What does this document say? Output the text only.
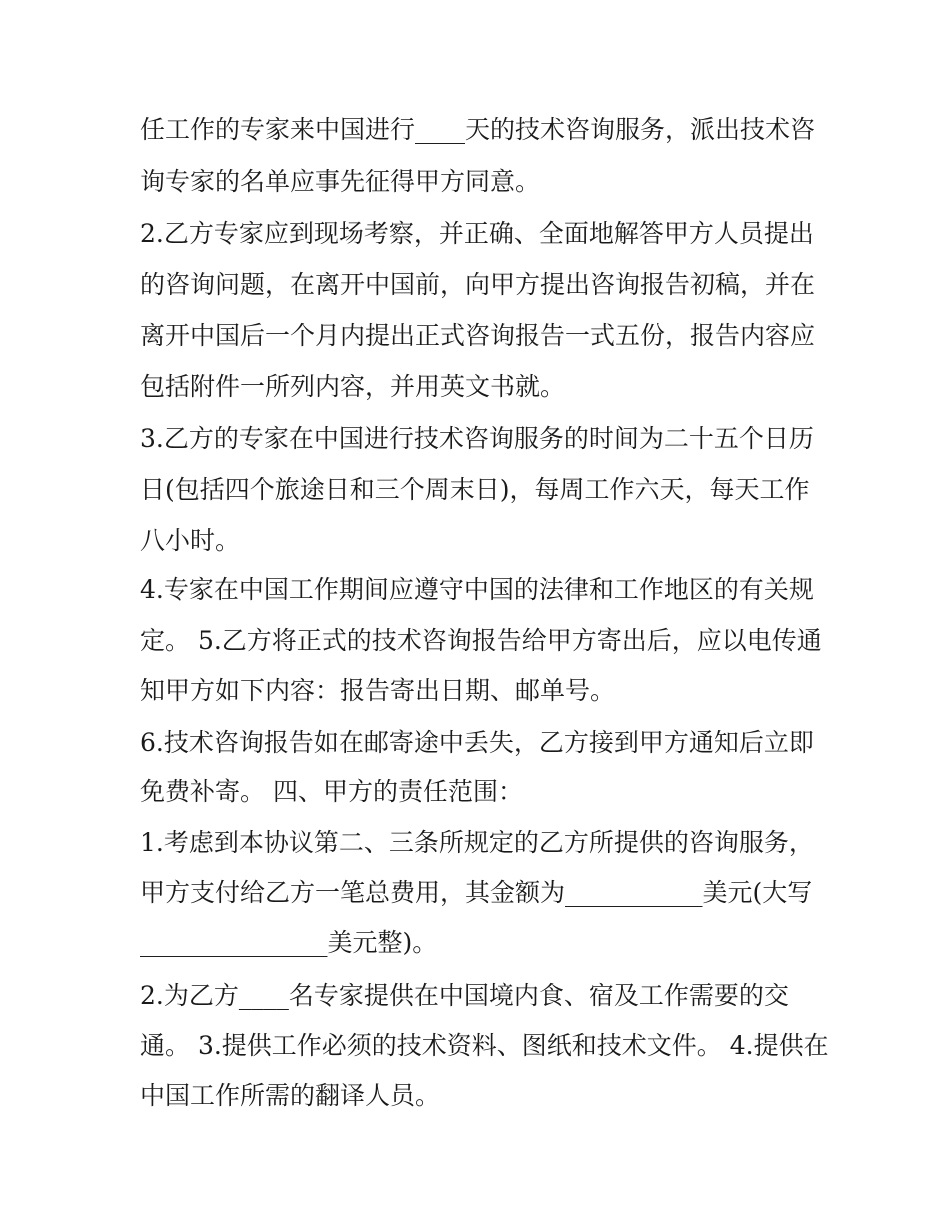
任工作的专家来中国进行____天的技术咨询服务，派出技术咨
询专家的名单应事先征得甲方同意。
2.乙方专家应到现场考察，并正确、全面地解答甲方人员提出
的咨询问题，在离开中国前，向甲方提出咨询报告初稿，并在
离开中国后一个月内提出正式咨询报告一式五份，报告内容应
包括附件一所列内容，并用英文书就。
3.乙方的专家在中国进行技术咨询服务的时间为二十五个日历
日(包括四个旅途日和三个周末日)，每周工作六天，每天工作
八小时。
4.专家在中国工作期间应遵守中国的法律和工作地区的有关规
定。 5.乙方将正式的技术咨询报告给甲方寄出后，应以电传通
知甲方如下内容：报告寄出日期、邮单号。
6.技术咨询报告如在邮寄途中丢失，乙方接到甲方通知后立即
免费补寄。 四、甲方的责任范围：
1.考虑到本协议第二、三条所规定的乙方所提供的咨询服务，
甲方支付给乙方一笔总费用，其金额为___________美元(大写
_______________美元整)。
2.为乙方____名专家提供在中国境内食、宿及工作需要的交
通。 3.提供工作必须的技术资料、图纸和技术文件。 4.提供在
中国工作所需的翻译人员。
